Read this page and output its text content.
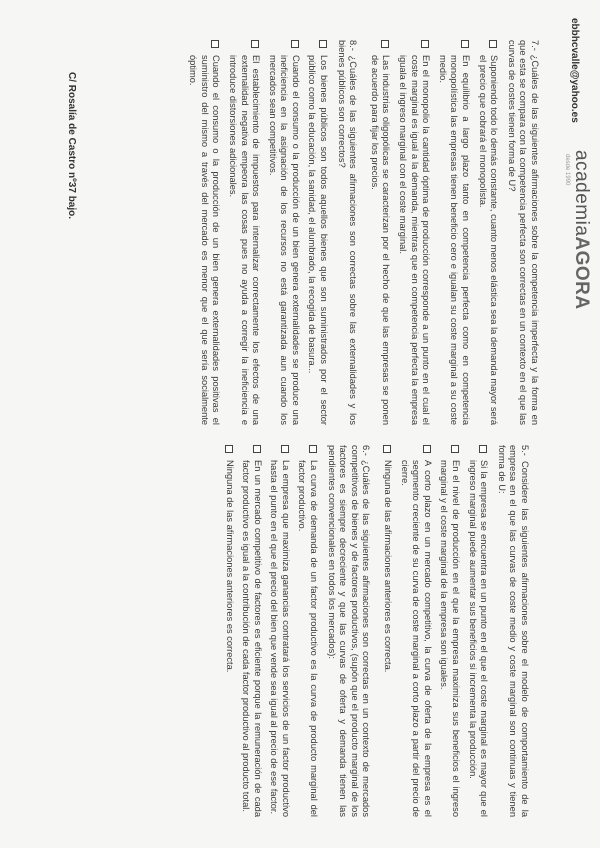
ebbhcvalle@yahoo.es
C/ Rosalía de Castro nº37 bajo.	academiaAGORA
desde 1990

5.- Considere las siguientes afirmaciones sobre el modelo de comportamiento de la empresa en el que las curvas de coste medio y coste marginal son continuas y tienen forma de U:

Si la empresa se encuentra en un punto en el que el coste marginal es mayor que el ingreso marginal puede aumentar sus beneficios si incrementa la producción.
En el nivel de producción en el que la empresa maximiza sus beneficios el ingreso marginal y el coste marginal de la empresa son iguales.
A corto plazo en un mercado competitivo, la curva de oferta de la empresa es el segmento creciente de su curva de coste marginal a corto plazo a partir del precio de cierre.
Ninguna de las afirmaciones anteriores es correcta.

6.- ¿Cuáles de las siguientes afirmaciones son correctas en un contexto de mercados competitivos de bienes y de factores productivos, (supón que el producto marginal de los factores es siempre decreciente y que las curvas de oferta y demanda tienen las pendientes convencionales en todos los mercados):

La curva de demanda de un factor productivo es la curva de producto marginal del factor productivo.
La empresa que maximiza ganancias contratará los servicios de un factor productivo hasta el punto en el que el precio del bien que vende sea igual al precio de ese factor.
En un mercado competitivo de factores es eficiente porque la remuneración de cada factor productivo es igual a la contribución de cada factor productivo al producto total.
Ninguna de las afirmaciones anteriores es correcta.

7.- ¿Cuáles de las siguientes afirmaciones sobre la competencia imperfecta y la forma en que esta se compara con la competencia perfecta son correctas en un contexto en el que las curvas de costes tienen forma de U?

Suponiendo todo lo demás constante, cuanto menos elástica sea la demanda mayor será el precio que cobrará el monopolista.
En equilibrio a largo plazo tanto en competencia perfecta como en competencia monopolística las empresas tienen beneficio cero e igualan su coste marginal a su coste medio.
En el monopolio la cantidad óptima de producción corresponde a un punto en el cual el coste marginal es igual a la demanda, mientras que en competencia perfecta la empresa iguala el ingreso marginal con el coste marginal.
Las industrias oligopólicas se caracterizan por el hecho de que las empresas se ponen de acuerdo para fijar los precios.

8.- ¿Cuáles de las siguientes afirmaciones son correctas sobre las externalidades y los bienes públicos son correctos?

Los bienes públicos son todos aquellos bienes que son suministrados por el sector público como la educación, la sanidad, el alumbrado, la recogida de basura...
Cuando el consumo o la producción de un bien genera externalidades se produce una ineficiencia en la asignación de los recursos no está garantizada aun cuando los mercados sean competitivos.
El establecimiento de impuestos para internalizar correctamente los efectos de una externalidad negativa empeora las cosas pues no ayuda a corregir la ineficiencia e introduce distorsiones adicionales.
Cuando el consumo o la producción de un bien genera externalidades positivas el suministro del mismo a través del mercado es menor que el que sería socialmente óptimo.
